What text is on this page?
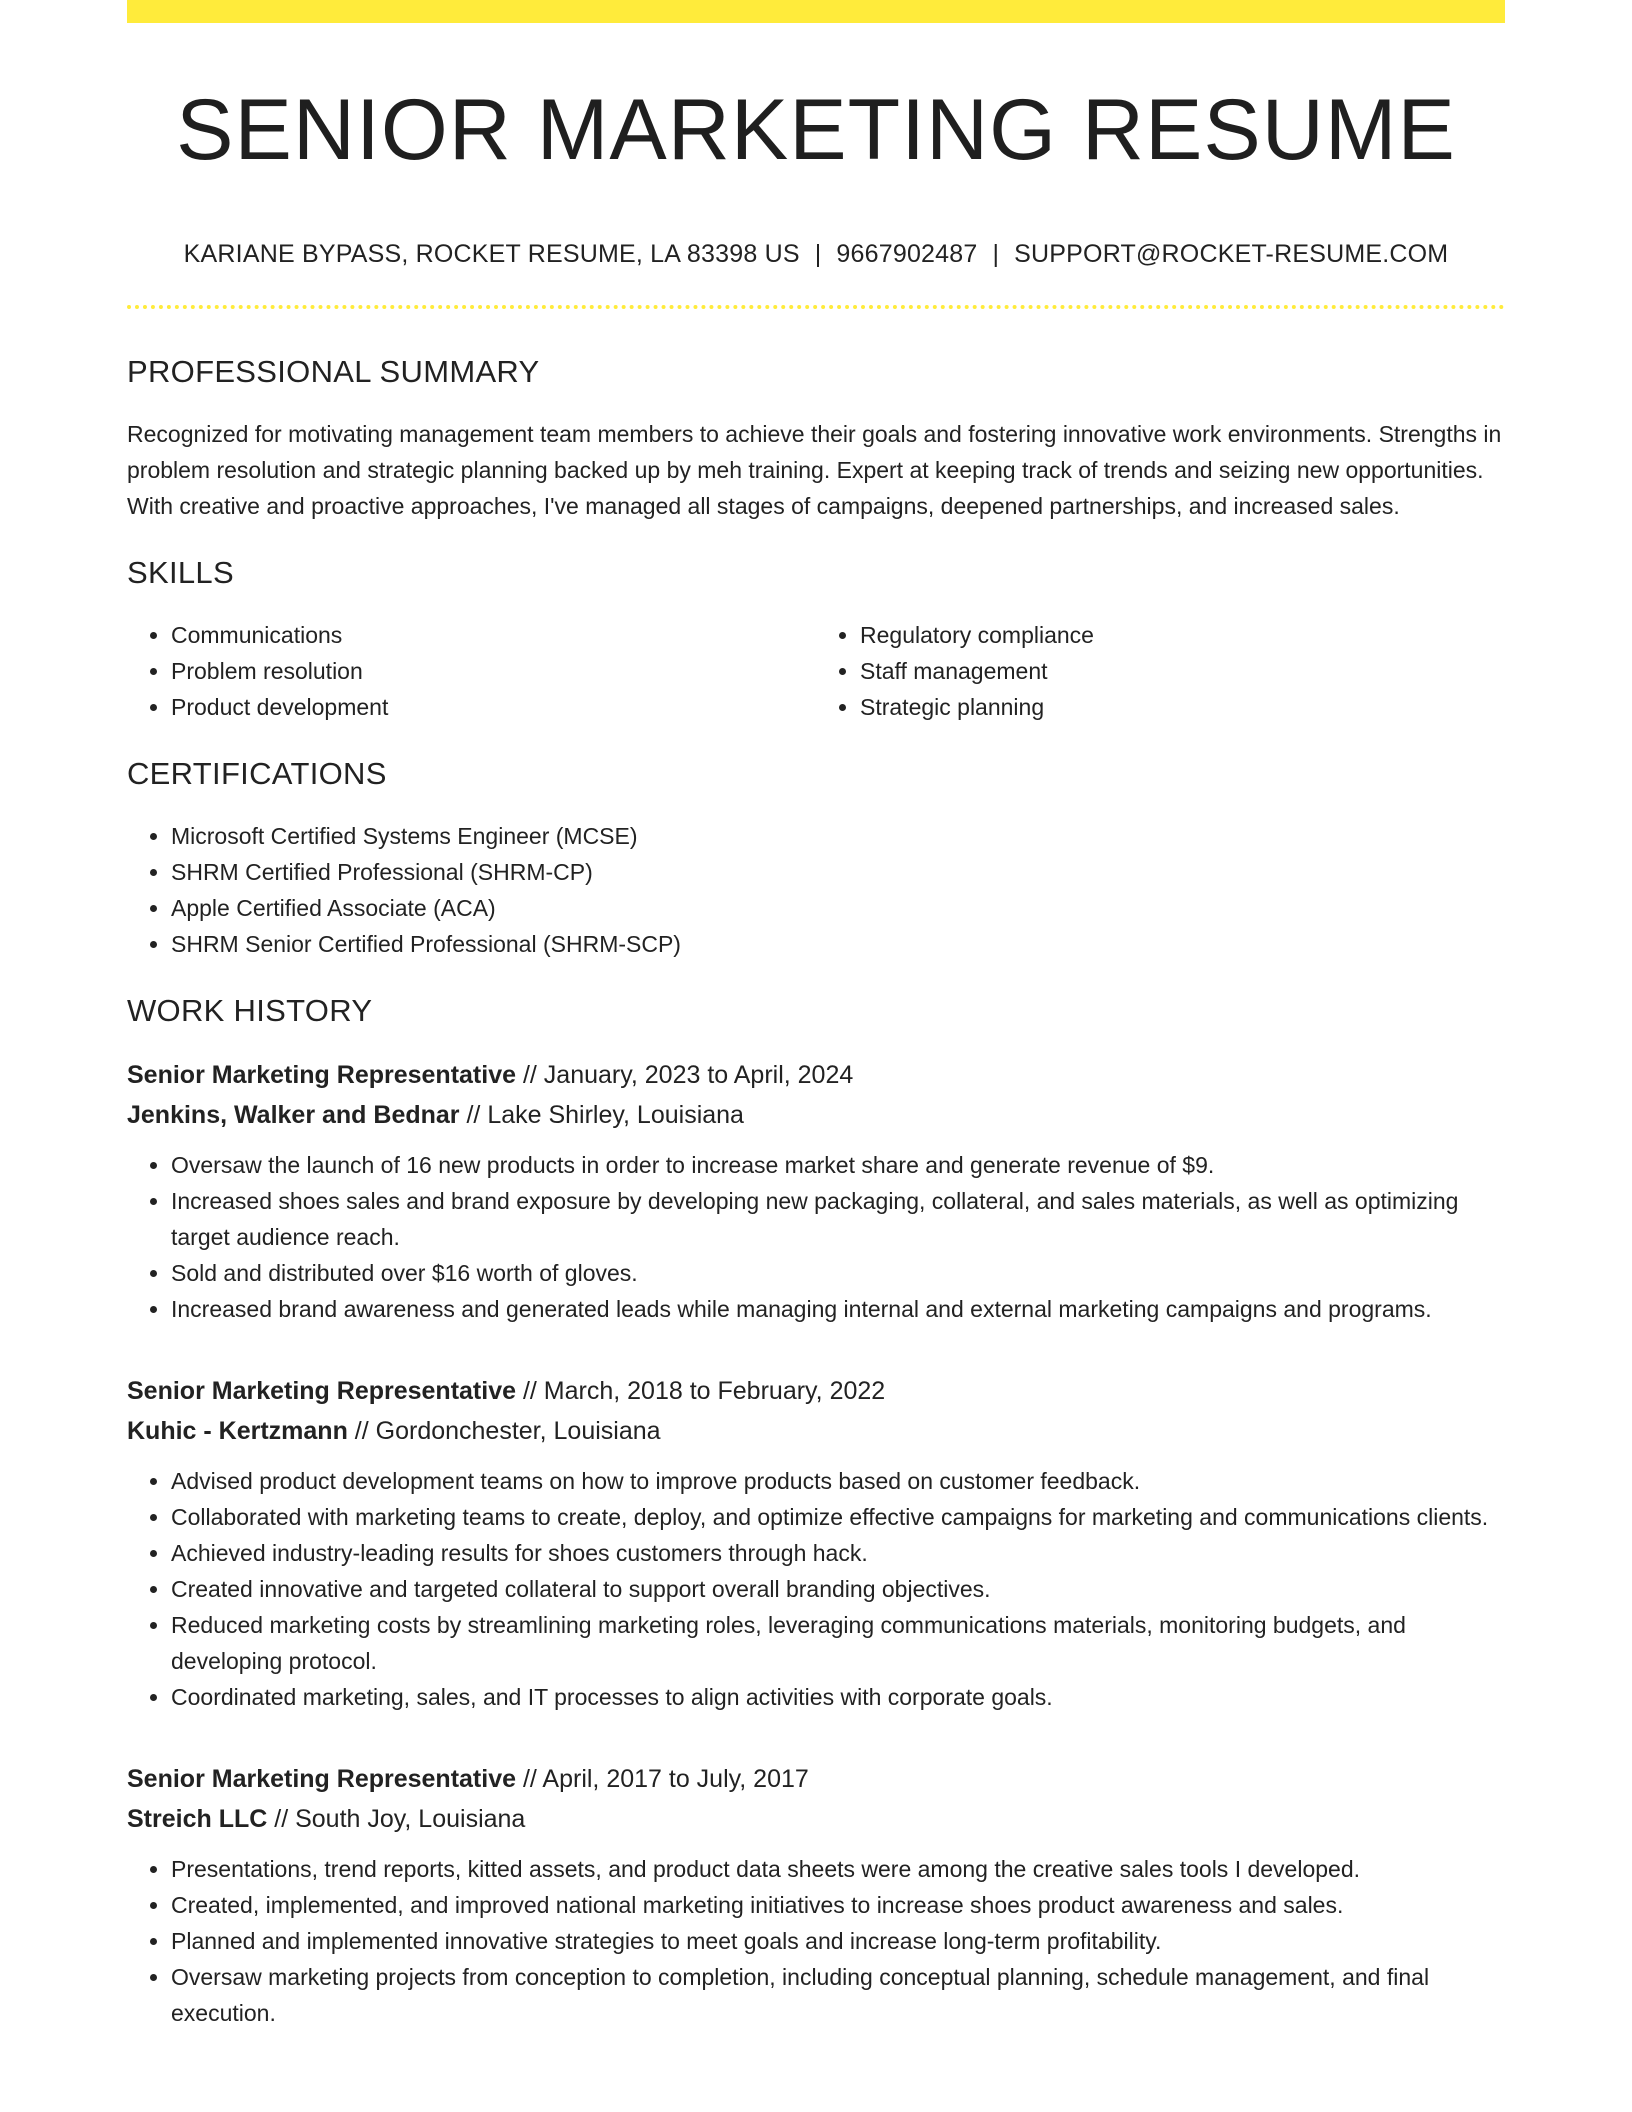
SENIOR MARKETING RESUME
KARIANE BYPASS, ROCKET RESUME, LA 83398 US | 9667902487 | SUPPORT@ROCKET-RESUME.COM
PROFESSIONAL SUMMARY
Recognized for motivating management team members to achieve their goals and fostering innovative work environments. Strengths in problem resolution and strategic planning backed up by meh training. Expert at keeping track of trends and seizing new opportunities. With creative and proactive approaches, I've managed all stages of campaigns, deepened partnerships, and increased sales.
SKILLS
• Communications
• Problem resolution
• Product development
• Regulatory compliance
• Staff management
• Strategic planning
CERTIFICATIONS
• Microsoft Certified Systems Engineer (MCSE)
• SHRM Certified Professional (SHRM-CP)
• Apple Certified Associate (ACA)
• SHRM Senior Certified Professional (SHRM-SCP)
WORK HISTORY
Senior Marketing Representative // January, 2023 to April, 2024
Jenkins, Walker and Bednar // Lake Shirley, Louisiana
• Oversaw the launch of 16 new products in order to increase market share and generate revenue of $9.
• Increased shoes sales and brand exposure by developing new packaging, collateral, and sales materials, as well as optimizing target audience reach.
• Sold and distributed over $16 worth of gloves.
• Increased brand awareness and generated leads while managing internal and external marketing campaigns and programs.
Senior Marketing Representative // March, 2018 to February, 2022
Kuhic - Kertzmann // Gordonchester, Louisiana
• Advised product development teams on how to improve products based on customer feedback.
• Collaborated with marketing teams to create, deploy, and optimize effective campaigns for marketing and communications clients.
• Achieved industry-leading results for shoes customers through hack.
• Created innovative and targeted collateral to support overall branding objectives.
• Reduced marketing costs by streamlining marketing roles, leveraging communications materials, monitoring budgets, and developing protocol.
• Coordinated marketing, sales, and IT processes to align activities with corporate goals.
Senior Marketing Representative // April, 2017 to July, 2017
Streich LLC // South Joy, Louisiana
• Presentations, trend reports, kitted assets, and product data sheets were among the creative sales tools I developed.
• Created, implemented, and improved national marketing initiatives to increase shoes product awareness and sales.
• Planned and implemented innovative strategies to meet goals and increase long-term profitability.
• Oversaw marketing projects from conception to completion, including conceptual planning, schedule management, and final execution.
